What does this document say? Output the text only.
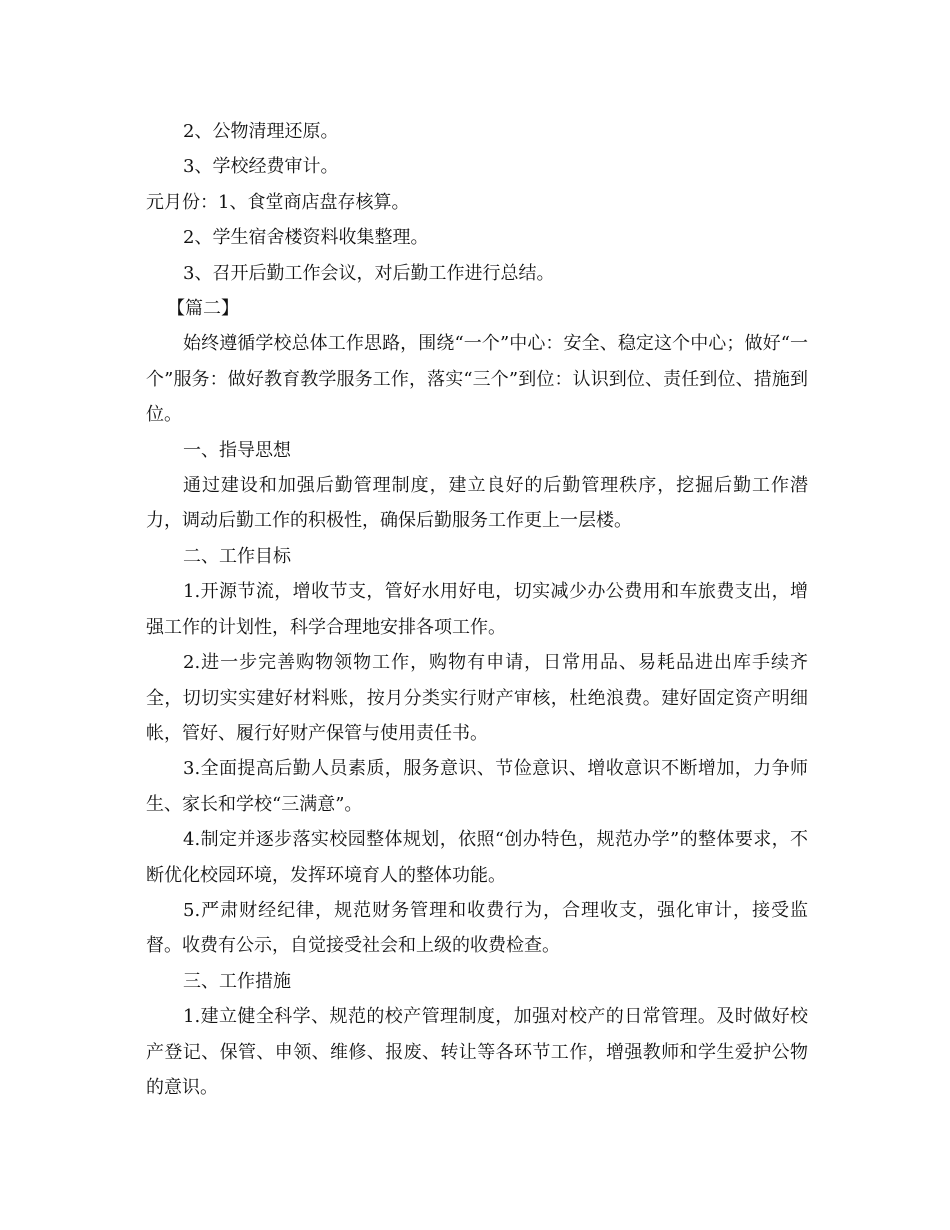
2、公物清理还原。

3、学校经费审计。

元月份：1、食堂商店盘存核算。

2、学生宿舍楼资料收集整理。

3、召开后勤工作会议，对后勤工作进行总结。

【篇二】

始终遵循学校总体工作思路，围绕“一个”中心：安全、稳定这个中心；做好“一个”服务：做好教育教学服务工作，落实“三个”到位：认识到位、责任到位、措施到位。

一、指导思想

通过建设和加强后勤管理制度，建立良好的后勤管理秩序，挖掘后勤工作潜力，调动后勤工作的积极性，确保后勤服务工作更上一层楼。

二、工作目标

1.开源节流，增收节支，管好水用好电，切实减少办公费用和车旅费支出，增强工作的计划性，科学合理地安排各项工作。

2.进一步完善购物领物工作，购物有申请，日常用品、易耗品进出库手续齐全，切切实实建好材料账，按月分类实行财产审核，杜绝浪费。建好固定资产明细帐，管好、履行好财产保管与使用责任书。

3.全面提高后勤人员素质，服务意识、节俭意识、增收意识不断增加，力争师生、家长和学校“三满意”。

4.制定并逐步落实校园整体规划，依照“创办特色，规范办学”的整体要求，不断优化校园环境，发挥环境育人的整体功能。

5.严肃财经纪律，规范财务管理和收费行为，合理收支，强化审计，接受监督。收费有公示，自觉接受社会和上级的收费检查。

三、工作措施

1.建立健全科学、规范的校产管理制度，加强对校产的日常管理。及时做好校产登记、保管、申领、维修、报废、转让等各环节工作，增强教师和学生爱护公物的意识。
